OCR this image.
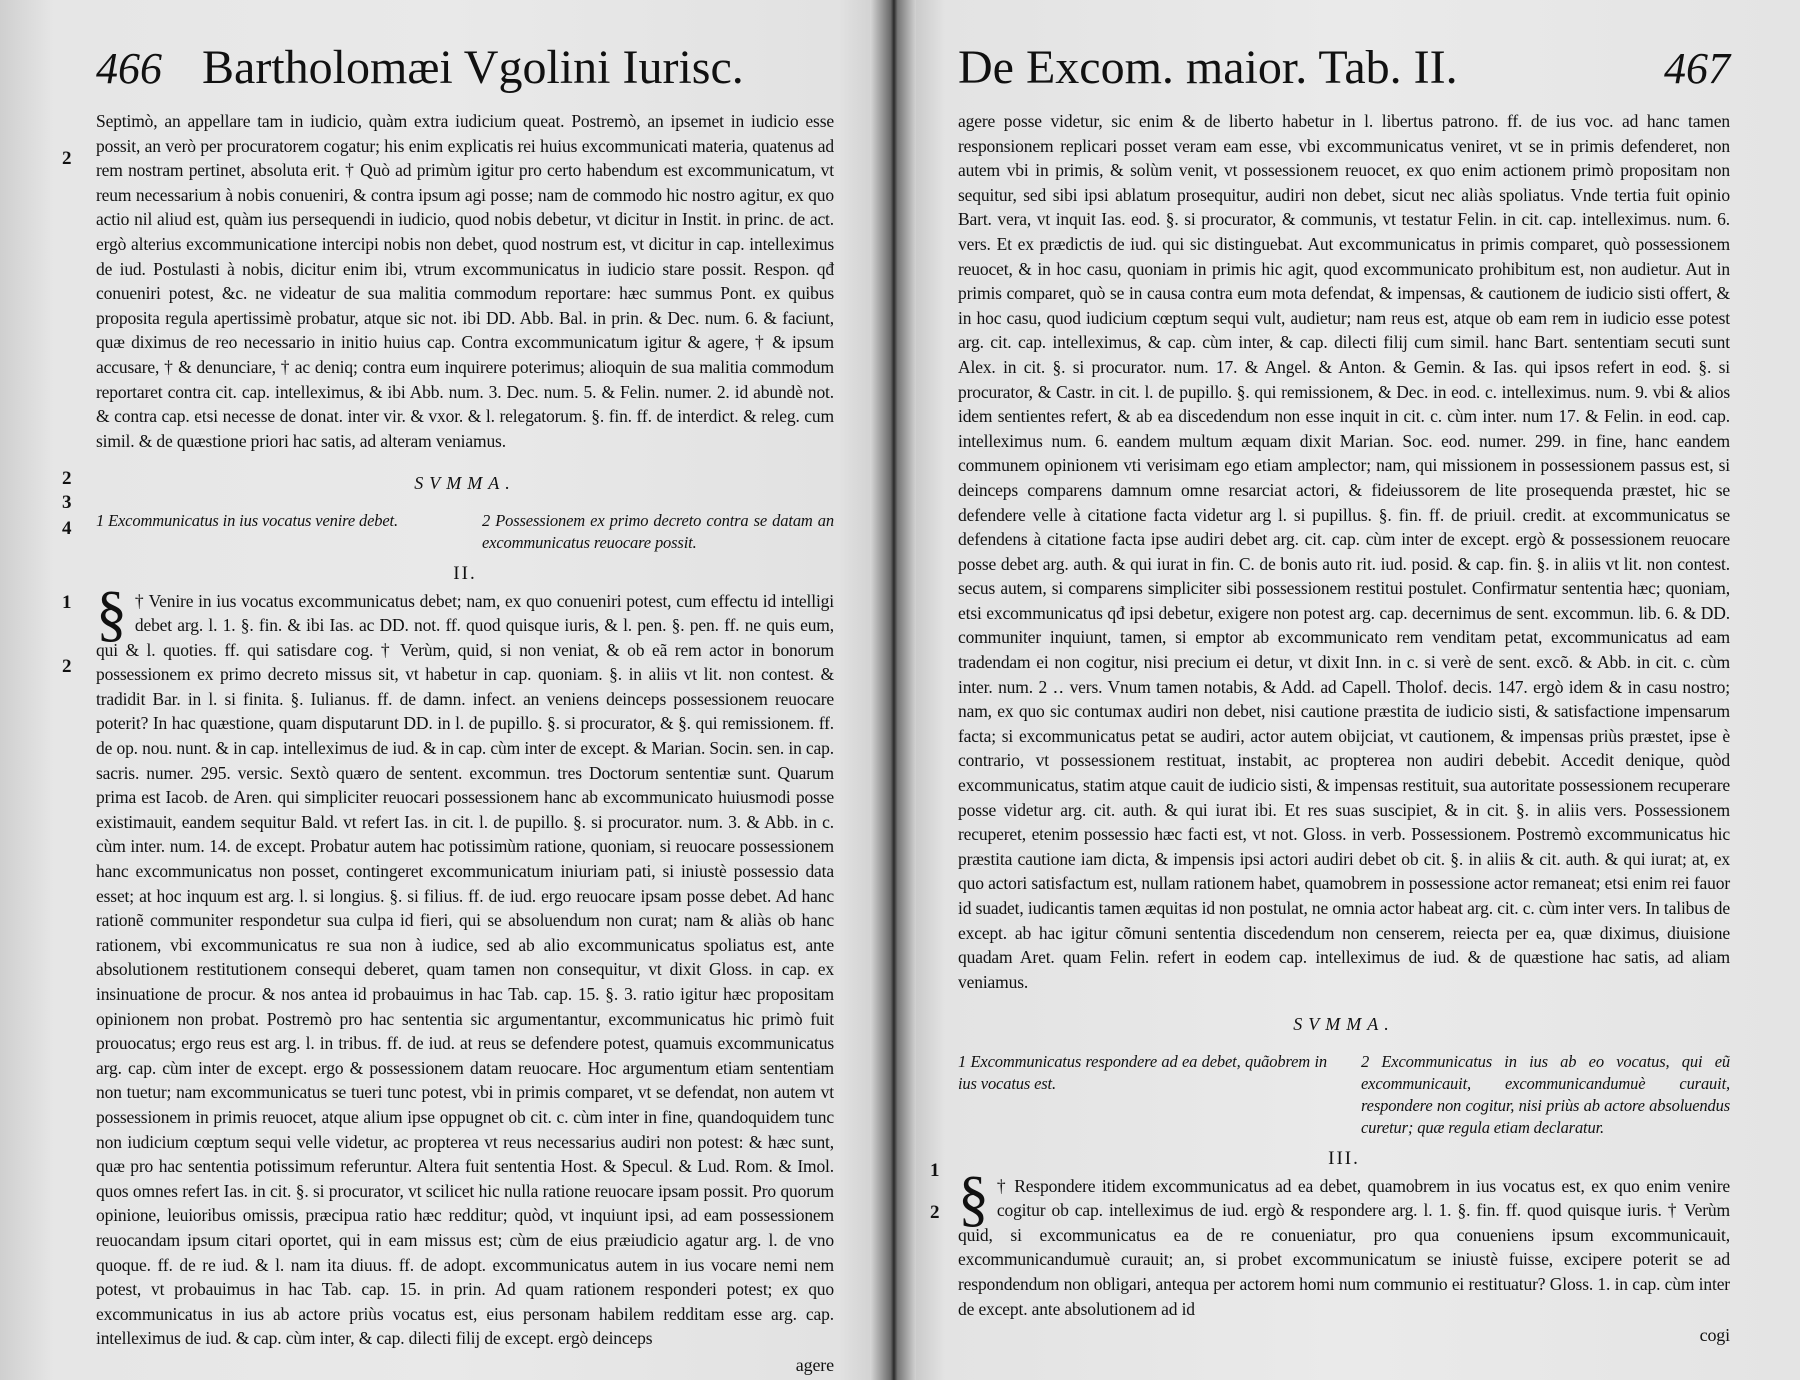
466 Bartholomæi Vgolini Iurisc.
2
2
3
4
1
2

Septimò, an appellare tam in iudicio, quàm extra iudicium queat. Postremò, an ipsemet in iudicio esse possit, an verò per procuratorem cogatur; his enim explicatis rei huius excommunicati materia, quatenus ad rem nostram pertinet, absoluta erit. † Quò ad primùm igitur pro certo habendum est excommunicatum, vt reum necessarium à nobis conueniri, & contra ipsum agi posse; nam de commodo hic nostro agitur, ex quo actio nil aliud est, quàm ius persequendi in iudicio, quod nobis debetur, vt dicitur in Instit. in princ. de act. ergò alterius excommunicatione intercipi nobis non debet, quod nostrum est, vt dicitur in cap. intelleximus de iud. Postulasti à nobis, dicitur enim ibi, vtrum excommunicatus in iudicio stare possit. Respon. qđ conueniri potest, &c. ne videatur de sua malitia commodum reportare: hæc summus Pont. ex quibus proposita regula apertissimè probatur, atque sic not. ibi DD. Abb. Bal. in prin. & Dec. num. 6. & faciunt, quæ diximus de reo necessario in initio huius cap. Contra excommunicatum igitur & agere, † & ipsum accusare, † & denunciare, † ac deniq; contra eum inquirere poterimus; alioquin de sua malitia commodum reportaret contra cit. cap. intelleximus, & ibi Abb. num. 3. Dec. num. 5. & Felin. numer. 2. id abundè not. & contra cap. etsi necesse de donat. inter vir. & vxor. & l. relegatorum. §. fin. ff. de interdict. & releg. cum simil. & de quæstione priori hac satis, ad alteram veniamus.

SVMMA.
1 Excommunicatus in ius vocatus venire debet.	2 Possessionem ex primo decreto contra se datam an excommunicatus reuocare possit.
II.
§ † Venire in ius vocatus excommunicatus debet; nam, ex quo conueniri potest, cum effectu id intelligi debet arg. l. 1. §. fin. & ibi Ias. ac DD. not. ff. quod quisque iuris, & l. pen. §. pen. ff. ne quis eum, qui & l. quoties. ff. qui satisdare cog. † Verùm, quid, si non veniat, & ob eã rem actor in bonorum possessionem ex primo decreto missus sit, vt habetur in cap. quoniam. §. in aliis vt lit. non contest. & tradidit Bar. in l. si finita. §. Iulianus. ff. de damn. infect. an veniens deinceps possessionem reuocare poterit? In hac quæstione, quam disputarunt DD. in l. de pupillo. §. si procurator, & §. qui remissionem. ff. de op. nou. nunt. & in cap. intelleximus de iud. & in cap. cùm inter de except. & Marian. Socin. sen. in cap. sacris. numer. 295. versic. Sextò quæro de sentent. excommun. tres Doctorum sententiæ sunt. Quarum prima est Iacob. de Aren. qui simpliciter reuocari possessionem hanc ab excommunicato huiusmodi posse existimauit, eandem sequitur Bald. vt refert Ias. in cit. l. de pupillo. §. si procurator. num. 3. & Abb. in c. cùm inter. num. 14. de except. Probatur autem hac potissimùm ratione, quoniam, si reuocare possessionem hanc excommunicatus non posset, contingeret excommunicatum iniuriam pati, si iniustè possessio data esset; at hoc inquum est arg. l. si longius. §. si filius. ff. de iud. ergo reuocare ipsam posse debet. Ad hanc rationẽ communiter respondetur sua culpa id fieri, qui se absoluendum non curat; nam & aliàs ob hanc rationem, vbi excommunicatus re sua non à iudice, sed ab alio excommunicatus spoliatus est, ante absolutionem restitutionem consequi deberet, quam tamen non consequitur, vt dixit Gloss. in cap. ex insinuatione de procur. & nos antea id probauimus in hac Tab. cap. 15. §. 3. ratio igitur hæc propositam opinionem non probat. Postremò pro hac sententia sic argumentantur, excommunicatus hic primò fuit prouocatus; ergo reus est arg. l. in tribus. ff. de iud. at reus se defendere potest, quamuis excommunicatus arg. cap. cùm inter de except. ergo & possessionem datam reuocare. Hoc argumentum etiam sententiam non tuetur; nam excommunicatus se tueri tunc potest, vbi in primis comparet, vt se defendat, non autem vt possessionem in primis reuocet, atque alium ipse oppugnet ob cit. c. cùm inter in fine, quandoquidem tunc non iudicium cœptum sequi velle videtur, ac propterea vt reus necessarius audiri non potest: & hæc sunt, quæ pro hac sententia potissimum referuntur. Altera fuit sententia Host. & Specul. & Lud. Rom. & Imol. quos omnes refert Ias. in cit. §. si procurator, vt scilicet hic nulla ratione reuocare ipsam possit. Pro quorum opinione, leuioribus omissis, præcipua ratio hæc redditur; quòd, vt inquiunt ipsi, ad eam possessionem reuocandam ipsum citari oportet, qui in eam missus est; cùm de eius præiudicio agatur arg. l. de vno quoque. ff. de re iud. & l. nam ita diuus. ff. de adopt. excommunicatus autem in ius vocare nemi nem potest, vt probauimus in hac Tab. cap. 15. in prin. Ad quam rationem responderi potest; ex quo excommunicatus in ius ab actore priùs vocatus est, eius personam habilem redditam esse arg. cap. intelleximus de iud. & cap. cùm inter, & cap. dilecti filij de except. ergò deinceps

agere
De Excom. maior. Tab. II.	467
1
2

agere posse videtur, sic enim & de liberto habetur in l. libertus patrono. ff. de ius voc. ad hanc tamen responsionem replicari posset veram eam esse, vbi excommunicatus veniret, vt se in primis defenderet, non autem vbi in primis, & solùm venit, vt possessionem reuocet, ex quo enim actionem primò propositam non sequitur, sed sibi ipsi ablatum prosequitur, audiri non debet, sicut nec aliàs spoliatus. Vnde tertia fuit opinio Bart. vera, vt inquit Ias. eod. §. si procurator, & communis, vt testatur Felin. in cit. cap. intelleximus. num. 6. vers. Et ex prædictis de iud. qui sic distinguebat. Aut excommunicatus in primis comparet, quò possessionem reuocet, & in hoc casu, quoniam in primis hic agit, quod excommunicato prohibitum est, non audietur. Aut in primis comparet, quò se in causa contra eum mota defendat, & impensas, & cautionem de iudicio sisti offert, & in hoc casu, quod iudicium cœptum sequi vult, audietur; nam reus est, atque ob eam rem in iudicio esse potest arg. cit. cap. intelleximus, & cap. cùm inter, & cap. dilecti filij cum simil. hanc Bart. sententiam secuti sunt Alex. in cit. §. si procurator. num. 17. & Angel. & Anton. & Gemin. & Ias. qui ipsos refert in eod. §. si procurator, & Castr. in cit. l. de pupillo. §. qui remissionem, & Dec. in eod. c. intelleximus. num. 9. vbi & alios idem sentientes refert, & ab ea discedendum non esse inquit in cit. c. cùm inter. num 17. & Felin. in eod. cap. intelleximus num. 6. eandem multum æquam dixit Marian. Soc. eod. numer. 299. in fine, hanc eandem communem opinionem vti verisimam ego etiam amplector; nam, qui missionem in possessionem passus est, si deinceps comparens damnum omne resarciat actori, & fideiussorem de lite prosequenda præstet, hic se defendere velle à citatione facta videtur arg l. si pupillus. §. fin. ff. de priuil. credit. at excommunicatus se defendens à citatione facta ipse audiri debet arg. cit. cap. cùm inter de except. ergò & possessionem reuocare posse debet arg. auth. & qui iurat in fin. C. de bonis auto rit. iud. posid. & cap. fin. §. in aliis vt lit. non contest. secus autem, si comparens simpliciter sibi possessionem restitui postulet. Confirmatur sententia hæc; quoniam, etsi excommunicatus qđ ipsi debetur, exigere non potest arg. cap. decernimus de sent. excommun. lib. 6. & DD. communiter inquiunt, tamen, si emptor ab excommunicato rem venditam petat, excommunicatus ad eam tradendam ei non cogitur, nisi precium ei detur, vt dixit Inn. in c. si verè de sent. excõ. & Abb. in cit. c. cùm inter. num. 2 ‥ vers. Vnum tamen notabis, & Add. ad Capell. Tholof. decis. 147. ergò idem & in casu nostro; nam, ex quo sic contumax audiri non debet, nisi cautione præstita de iudicio sisti, & satisfactione impensarum facta; si excommunicatus petat se audiri, actor autem obijciat, vt cautionem, & impensas priùs præstet, ipse è contrario, vt possessionem restituat, instabit, ac propterea non audiri debebit. Accedit denique, quòd excommunicatus, statim atque cauit de iudicio sisti, & impensas restituit, sua autoritate possessionem recuperare posse videtur arg. cit. auth. & qui iurat ibi. Et res suas suscipiet, & in cit. §. in aliis vers. Possessionem recuperet, etenim possessio hæc facti est, vt not. Gloss. in verb. Possessionem. Postremò excommunicatus hic præstita cautione iam dicta, & impensis ipsi actori audiri debet ob cit. §. in aliis & cit. auth. & qui iurat; at, ex quo actori satisfactum est, nullam rationem habet, quamobrem in possessione actor remaneat; etsi enim rei fauor id suadet, iudicantis tamen æquitas id non postulat, ne omnia actor habeat arg. cit. c. cùm inter vers. In talibus de except. ab hac igitur cõmuni sententia discedendum non censerem, reiecta per ea, quæ diximus, diuisione quadam Aret. quam Felin. refert in eodem cap. intelleximus de iud. & de quæstione hac satis, ad aliam veniamus.

SVMMA.
1 Excommunicatus respondere ad ea debet, quãobrem in ius vocatus est.
2 Excommunicatus in ius ab eo vocatus, qui eũ excommunicauit, excommunicandumuè curauit, respondere non cogitur, nisi priùs ab actore absoluendus curetur; quæ regula etiam declaratur.
III.
§ † Respondere itidem excommunicatus ad ea debet, quamobrem in ius vocatus est, ex quo enim venire cogitur ob cap. intelleximus de iud. ergò & respondere arg. l. 1. §. fin. ff. quod quisque iuris. † Verùm quid, si excommunicatus ea de re conueniatur, pro qua conueniens ipsum excommunicauit, excommunicandumuè curauit; an, si probet excommunicatum se iniustè fuisse, excipere poterit se ad respondendum non obligari, antequa per actorem homi num communio ei restituatur? Gloss. 1. in cap. cùm inter de except. ante absolutionem ad id

cogi
